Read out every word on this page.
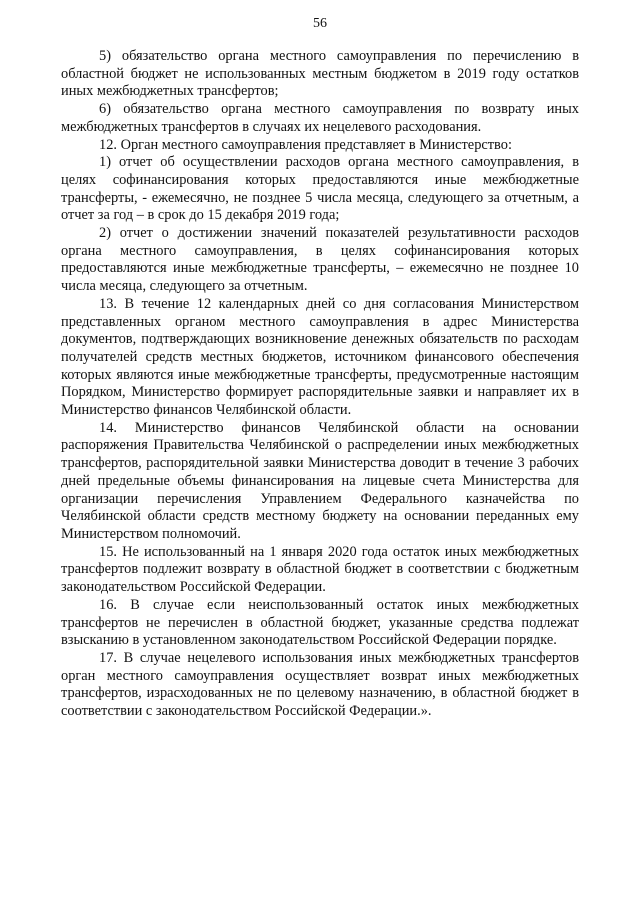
56

5) обязательство органа местного самоуправления по перечислению в областной бюджет не использованных местным бюджетом в 2019 году остатков иных межбюджетных трансфертов;

6) обязательство органа местного самоуправления по возврату иных межбюджетных трансфертов в случаях их нецелевого расходования.

12. Орган местного самоуправления представляет в Министерство:

1) отчет об осуществлении расходов органа местного самоуправления, в целях софинансирования которых предоставляются иные межбюджетные трансферты, - ежемесячно, не позднее 5 числа месяца, следующего за отчетным, а отчет за год – в срок до 15 декабря 2019 года;

2) отчет о достижении значений показателей результативности расходов органа местного самоуправления, в целях софинансирования которых предоставляются иные межбюджетные трансферты, – ежемесячно не позднее 10 числа месяца, следующего за отчетным.

13. В течение 12 календарных дней со дня согласования Министерством представленных органом местного самоуправления в адрес Министерства документов, подтверждающих возникновение денежных обязательств по расходам получателей средств местных бюджетов, источником финансового обеспечения которых являются иные межбюджетные трансферты, предусмотренные настоящим Порядком, Министерство формирует распорядительные заявки и направляет их в Министерство финансов Челябинской области.

14. Министерство финансов Челябинской области на основании распоряжения Правительства Челябинской о распределении иных межбюджетных трансфертов, распорядительной заявки Министерства доводит в течение 3 рабочих дней предельные объемы финансирования на лицевые счета Министерства для организации перечисления Управлением Федерального казначейства по Челябинской области средств местному бюджету на основании переданных ему Министерством полномочий.

15. Не использованный на 1 января 2020 года остаток иных межбюджетных трансфертов подлежит возврату в областной бюджет в соответствии с бюджетным законодательством Российской Федерации.

16. В случае если неиспользованный остаток иных межбюджетных трансфертов не перечислен в областной бюджет, указанные средства подлежат взысканию в установленном законодательством Российской Федерации порядке.

17. В случае нецелевого использования иных межбюджетных трансфертов орган местного самоуправления осуществляет возврат иных межбюджетных трансфертов, израсходованных не по целевому назначению, в областной бюджет в соответствии с законодательством Российской Федерации.».
